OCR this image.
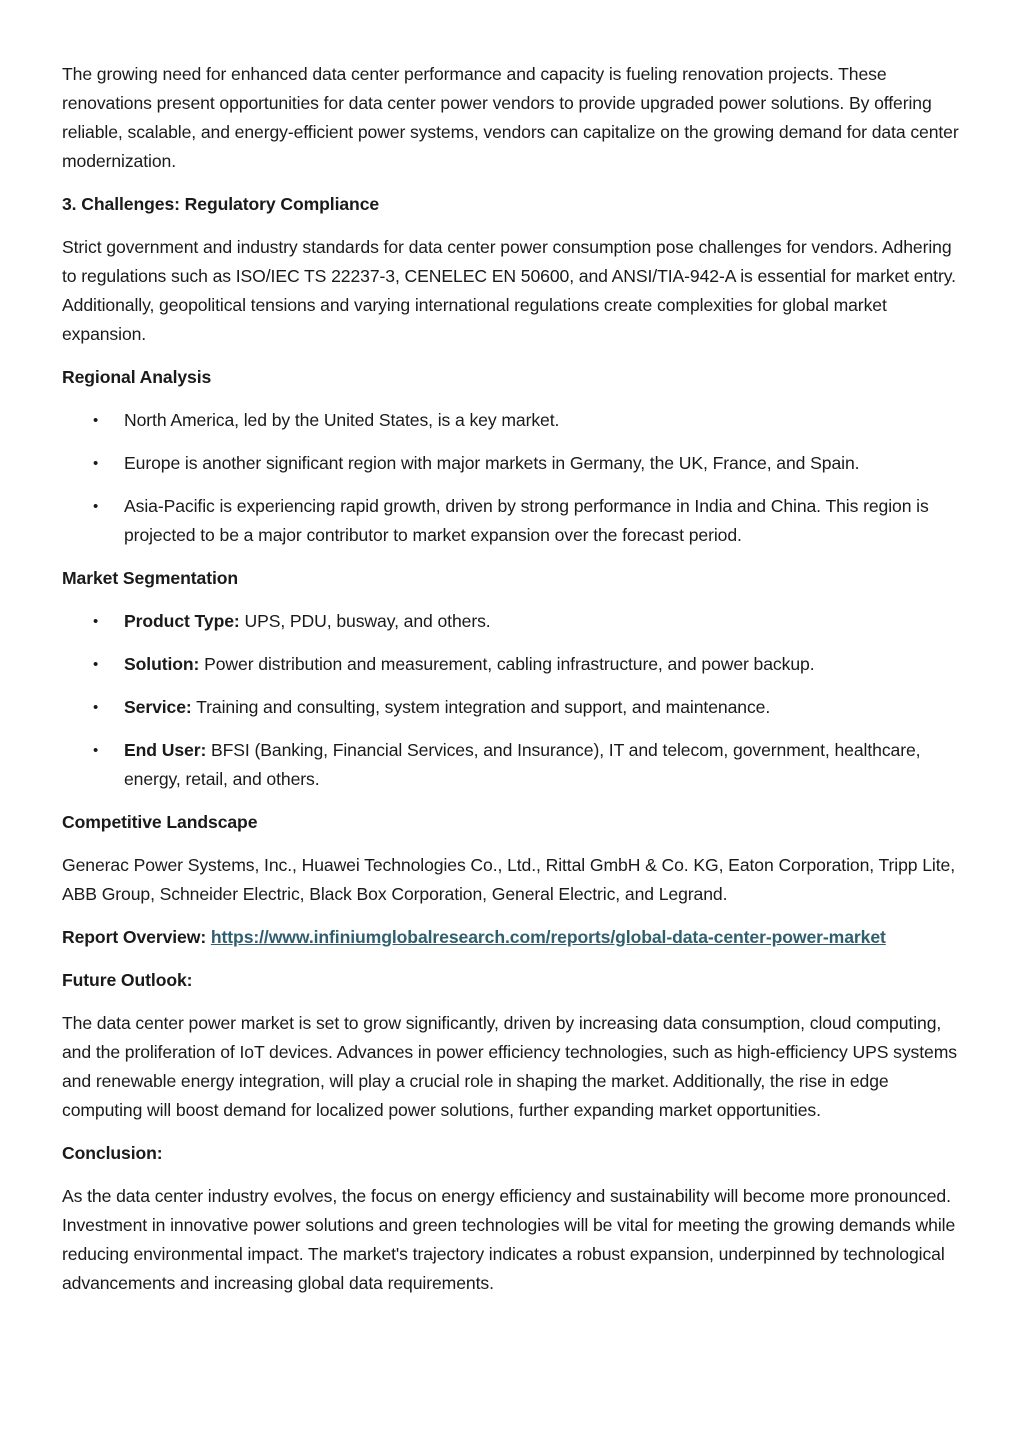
The growing need for enhanced data center performance and capacity is fueling renovation projects. These renovations present opportunities for data center power vendors to provide upgraded power solutions. By offering reliable, scalable, and energy-efficient power systems, vendors can capitalize on the growing demand for data center modernization.

3. Challenges: Regulatory Compliance

Strict government and industry standards for data center power consumption pose challenges for vendors. Adhering to regulations such as ISO/IEC TS 22237-3, CENELEC EN 50600, and ANSI/TIA-942-A is essential for market entry. Additionally, geopolitical tensions and varying international regulations create complexities for global market expansion.

Regional Analysis
• North America, led by the United States, is a key market.
• Europe is another significant region with major markets in Germany, the UK, France, and Spain.
• Asia-Pacific is experiencing rapid growth, driven by strong performance in India and China. This region is projected to be a major contributor to market expansion over the forecast period.
Market Segmentation
• Product Type: UPS, PDU, busway, and others.
• Solution: Power distribution and measurement, cabling infrastructure, and power backup.
• Service: Training and consulting, system integration and support, and maintenance.
• End User: BFSI (Banking, Financial Services, and Insurance), IT and telecom, government, healthcare, energy, retail, and others.
Competitive Landscape

Generac Power Systems, Inc., Huawei Technologies Co., Ltd., Rittal GmbH & Co. KG, Eaton Corporation, Tripp Lite, ABB Group, Schneider Electric, Black Box Corporation, General Electric, and Legrand.

Report Overview: https://www.infiniumglobalresearch.com/reports/global-data-center-power-market

Future Outlook:

The data center power market is set to grow significantly, driven by increasing data consumption, cloud computing, and the proliferation of IoT devices. Advances in power efficiency technologies, such as high-efficiency UPS systems and renewable energy integration, will play a crucial role in shaping the market. Additionally, the rise in edge computing will boost demand for localized power solutions, further expanding market opportunities.

Conclusion:

As the data center industry evolves, the focus on energy efficiency and sustainability will become more pronounced. Investment in innovative power solutions and green technologies will be vital for meeting the growing demands while reducing environmental impact. The market's trajectory indicates a robust expansion, underpinned by technological advancements and increasing global data requirements.
